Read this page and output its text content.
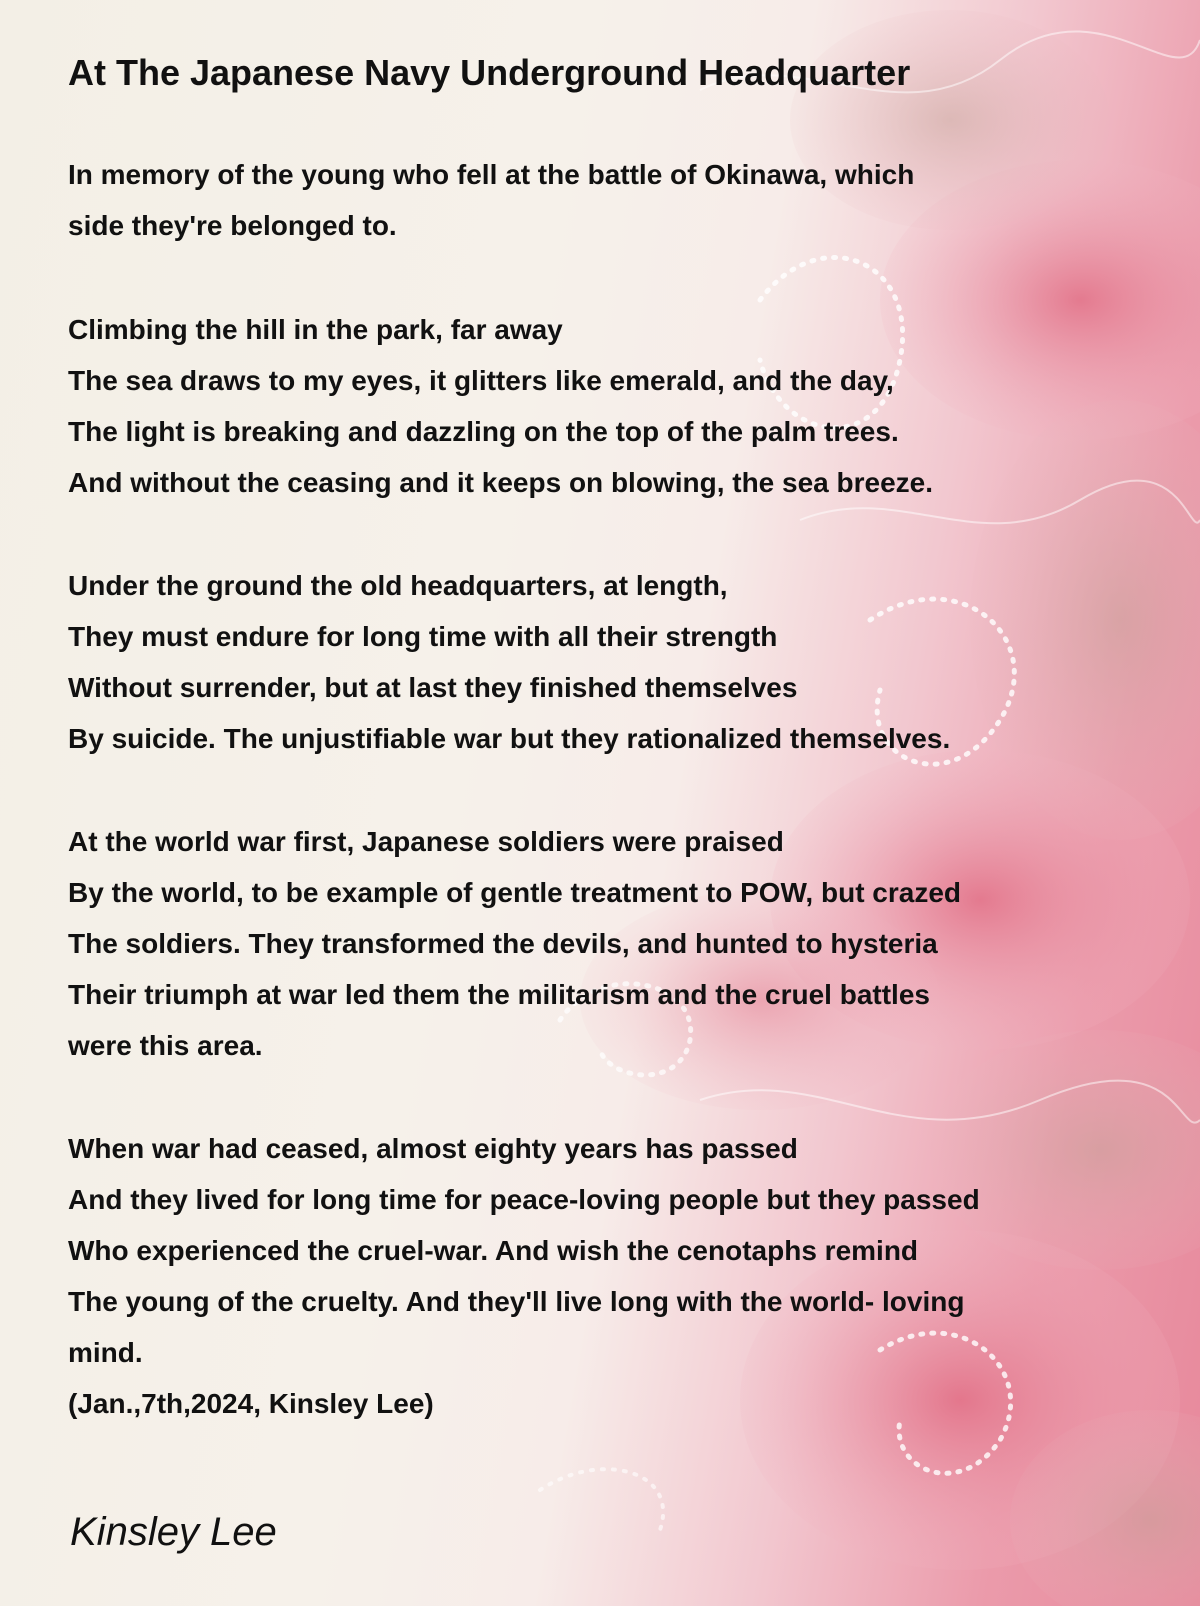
At The Japanese Navy Underground Headquarter
In memory of the young who fell at the battle of Okinawa, which
side they're belonged to.
Climbing the hill in the park, far away
The sea draws to my eyes, it glitters like emerald, and the day,
The light is breaking and dazzling on the top of the palm trees.
And without the ceasing and it keeps on blowing, the sea breeze.
Under the ground the old headquarters, at length,
They must endure for long time with all their strength
Without surrender, but at last they finished themselves
By suicide. The unjustifiable war but they rationalized themselves.
At the world war first, Japanese soldiers were praised
By the world, to be example of gentle treatment to POW, but crazed
The soldiers. They transformed the devils, and hunted to hysteria
Their triumph at war led them the militarism and the cruel battles
were this area.
When war had ceased, almost eighty years has passed
And they lived for long time for peace-loving people but they passed
Who experienced the cruel-war. And wish the cenotaphs remind
The young of the cruelty. And they'll live long with the world- loving
mind.
(Jan.,7th,2024, Kinsley Lee)
Kinsley Lee
